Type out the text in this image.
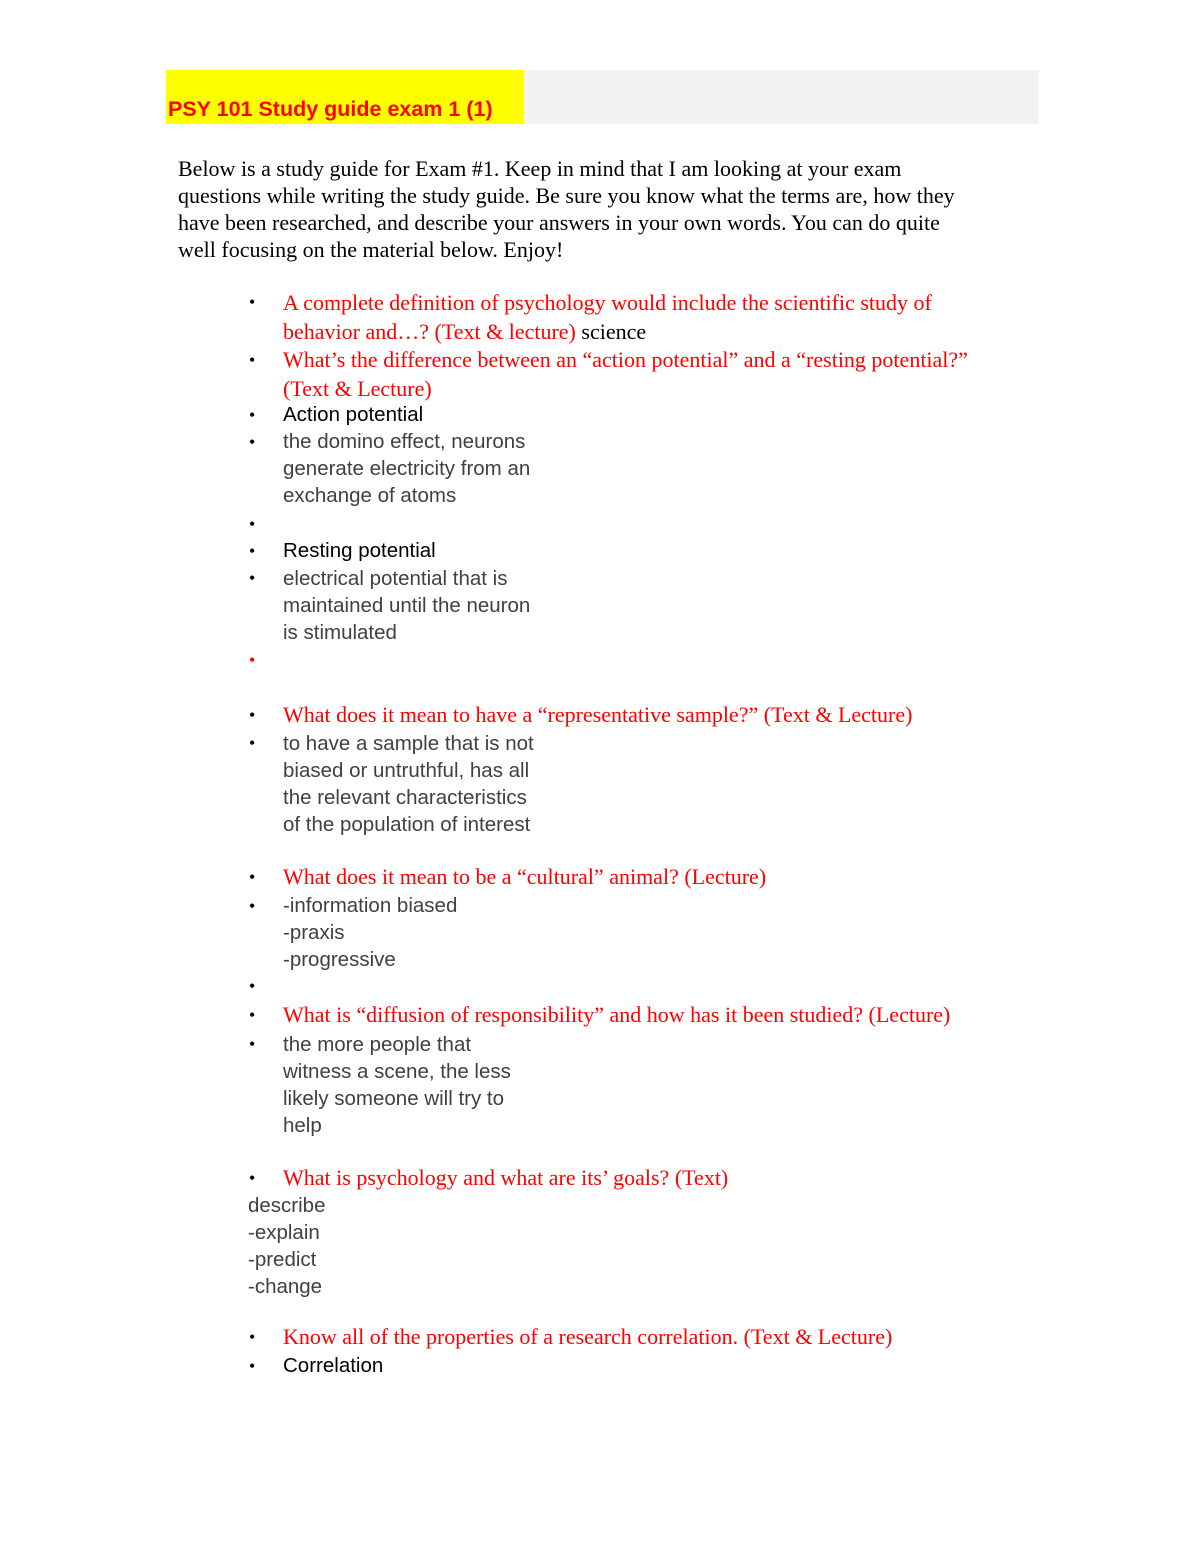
PSY 101 Study guide exam 1 (1)

Below is a study guide for Exam #1. Keep in mind that I am looking at your exam
questions while writing the study guide. Be sure you know what the terms are, how they
have been researched, and describe your answers in your own words. You can do quite
well focusing on the material below. Enjoy!

• A complete definition of psychology would include the scientific study of

behavior and…? (Text & lecture) science

• What’s the difference between an “action potential” and a “resting potential?”

(Text & Lecture)

• Action potential

• the domino effect, neurons
generate electricity from an
exchange of atoms

•
• Resting potential

• electrical potential that is
maintained until the neuron
is stimulated

•
• What does it mean to have a “representative sample?” (Text & Lecture)

• to have a sample that is not
biased or untruthful, has all
the relevant characteristics
of the population of interest

• What does it mean to be a “cultural” animal? (Lecture)

• -information biased
-praxis
-progressive

•
• What is “diffusion of responsibility” and how has it been studied? (Lecture)

• the more people that
witness a scene, the less
likely someone will try to
help

• What is psychology and what are its’ goals? (Text)

describe
-explain
-predict
-change

• Know all of the properties of a research correlation. (Text & Lecture)

• Correlation
